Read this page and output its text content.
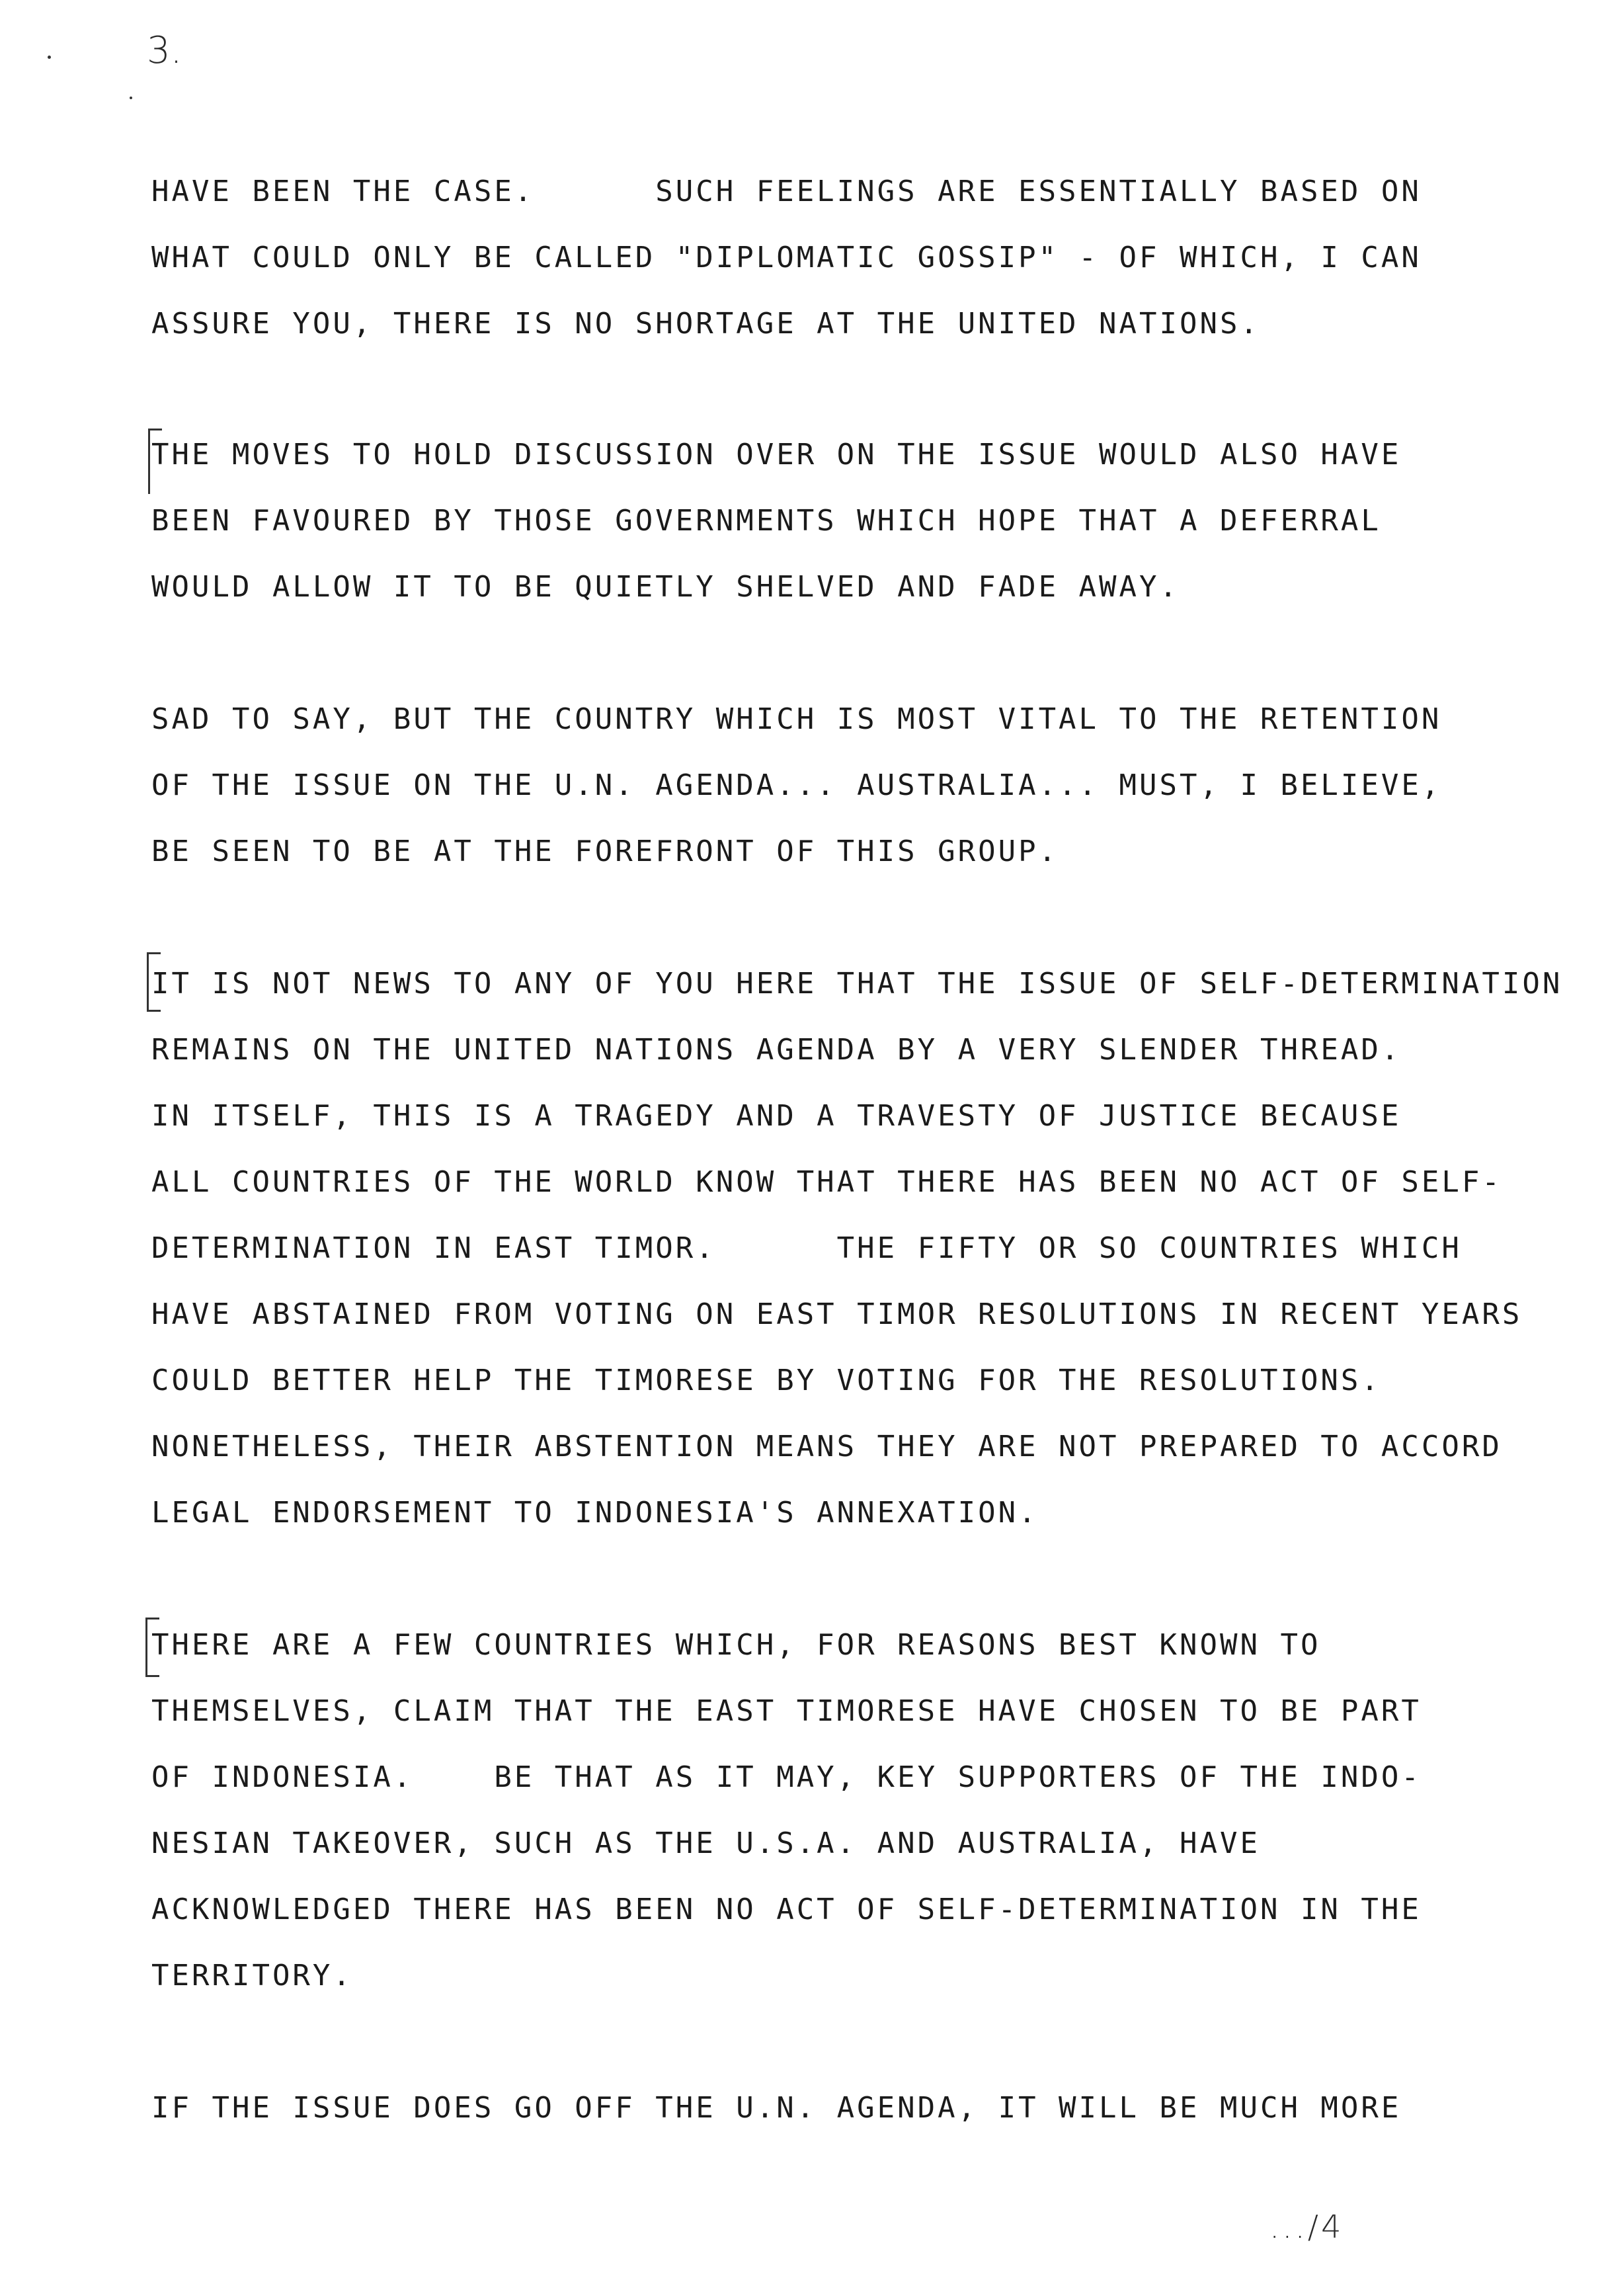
3.
HAVE BEEN THE CASE.      SUCH FEELINGS ARE ESSENTIALLY BASED ON
WHAT COULD ONLY BE CALLED "DIPLOMATIC GOSSIP" - OF WHICH, I CAN
ASSURE YOU, THERE IS NO SHORTAGE AT THE UNITED NATIONS.
THE MOVES TO HOLD DISCUSSION OVER ON THE ISSUE WOULD ALSO HAVE
BEEN FAVOURED BY THOSE GOVERNMENTS WHICH HOPE THAT A DEFERRAL
WOULD ALLOW IT TO BE QUIETLY SHELVED AND FADE AWAY.
SAD TO SAY, BUT THE COUNTRY WHICH IS MOST VITAL TO THE RETENTION
OF THE ISSUE ON THE U.N. AGENDA... AUSTRALIA... MUST, I BELIEVE,
BE SEEN TO BE AT THE FOREFRONT OF THIS GROUP.
IT IS NOT NEWS TO ANY OF YOU HERE THAT THE ISSUE OF SELF-DETERMINATION
REMAINS ON THE UNITED NATIONS AGENDA BY A VERY SLENDER THREAD.
IN ITSELF, THIS IS A TRAGEDY AND A TRAVESTY OF JUSTICE BECAUSE
ALL COUNTRIES OF THE WORLD KNOW THAT THERE HAS BEEN NO ACT OF SELF-
DETERMINATION IN EAST TIMOR.      THE FIFTY OR SO COUNTRIES WHICH
HAVE ABSTAINED FROM VOTING ON EAST TIMOR RESOLUTIONS IN RECENT YEARS
COULD BETTER HELP THE TIMORESE BY VOTING FOR THE RESOLUTIONS.
NONETHELESS, THEIR ABSTENTION MEANS THEY ARE NOT PREPARED TO ACCORD
LEGAL ENDORSEMENT TO INDONESIA'S ANNEXATION.
THERE ARE A FEW COUNTRIES WHICH, FOR REASONS BEST KNOWN TO
THEMSELVES, CLAIM THAT THE EAST TIMORESE HAVE CHOSEN TO BE PART
OF INDONESIA.    BE THAT AS IT MAY, KEY SUPPORTERS OF THE INDO-
NESIAN TAKEOVER, SUCH AS THE U.S.A. AND AUSTRALIA, HAVE
ACKNOWLEDGED THERE HAS BEEN NO ACT OF SELF-DETERMINATION IN THE
TERRITORY.
IF THE ISSUE DOES GO OFF THE U.N. AGENDA, IT WILL BE MUCH MORE
.../4
